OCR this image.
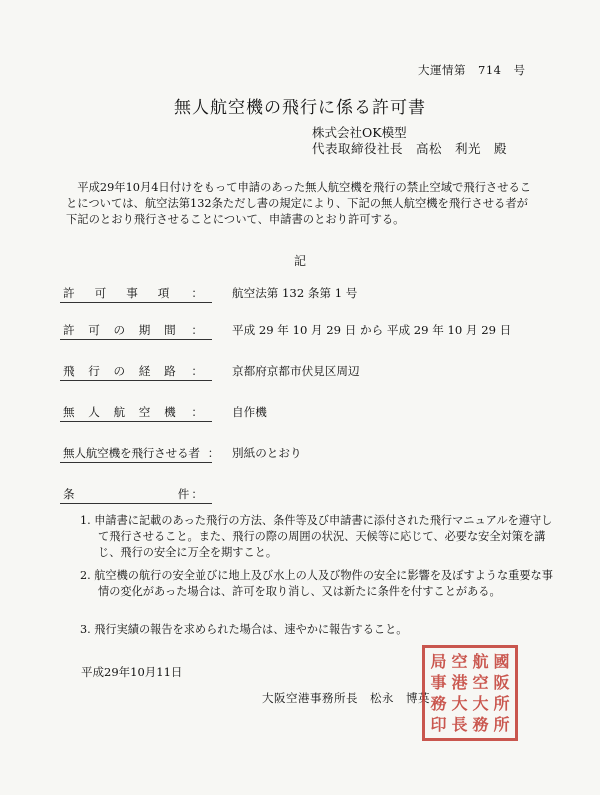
大運情第　714　号
無人航空機の飛行に係る許可書
株式会社OK模型
代表取締役社長　高松　利光　殿
平成29年10月4日付けをもって申請のあった無人航空機を飛行の禁止空域で飛行させることについては、航空法第132条ただし書の規定により、下記の無人航空機を飛行させる者が下記のとおり飛行させることについて、申請書のとおり許可する。
記
許 可 事 項 ：	航空法第 132 条第 1 号
許 可 の 期 間 ：	平成 29 年 10 月 29 日 から 平成 29 年 10 月 29 日
飛 行 の 経 路 ：	京都府京都市伏見区周辺
無 人 航 空 機 ：	自作機
無人航空機を飛行させる者 ： 別紙のとおり
条	件 ：
1. 申請書に記載のあった飛行の方法、条件等及び申請書に添付された飛行マニュアルを遵守して飛行させること。また、飛行の際の周囲の状況、天候等に応じて、必要な安全対策を講じ、飛行の安全に万全を期すこと。
2. 航空機の航行の安全並びに地上及び水上の人及び物件の安全に影響を及ぼすような重要な事情の変化があった場合は、許可を取り消し、又は新たに条件を付すことがある。
3. 飛行実績の報告を求められた場合は、速やかに報告すること。
平成29年10月11日
大阪空港事務所長　松永　博英
局 空 航 國
事 港 空 阪
務 大 大 所
印 長 務 所
